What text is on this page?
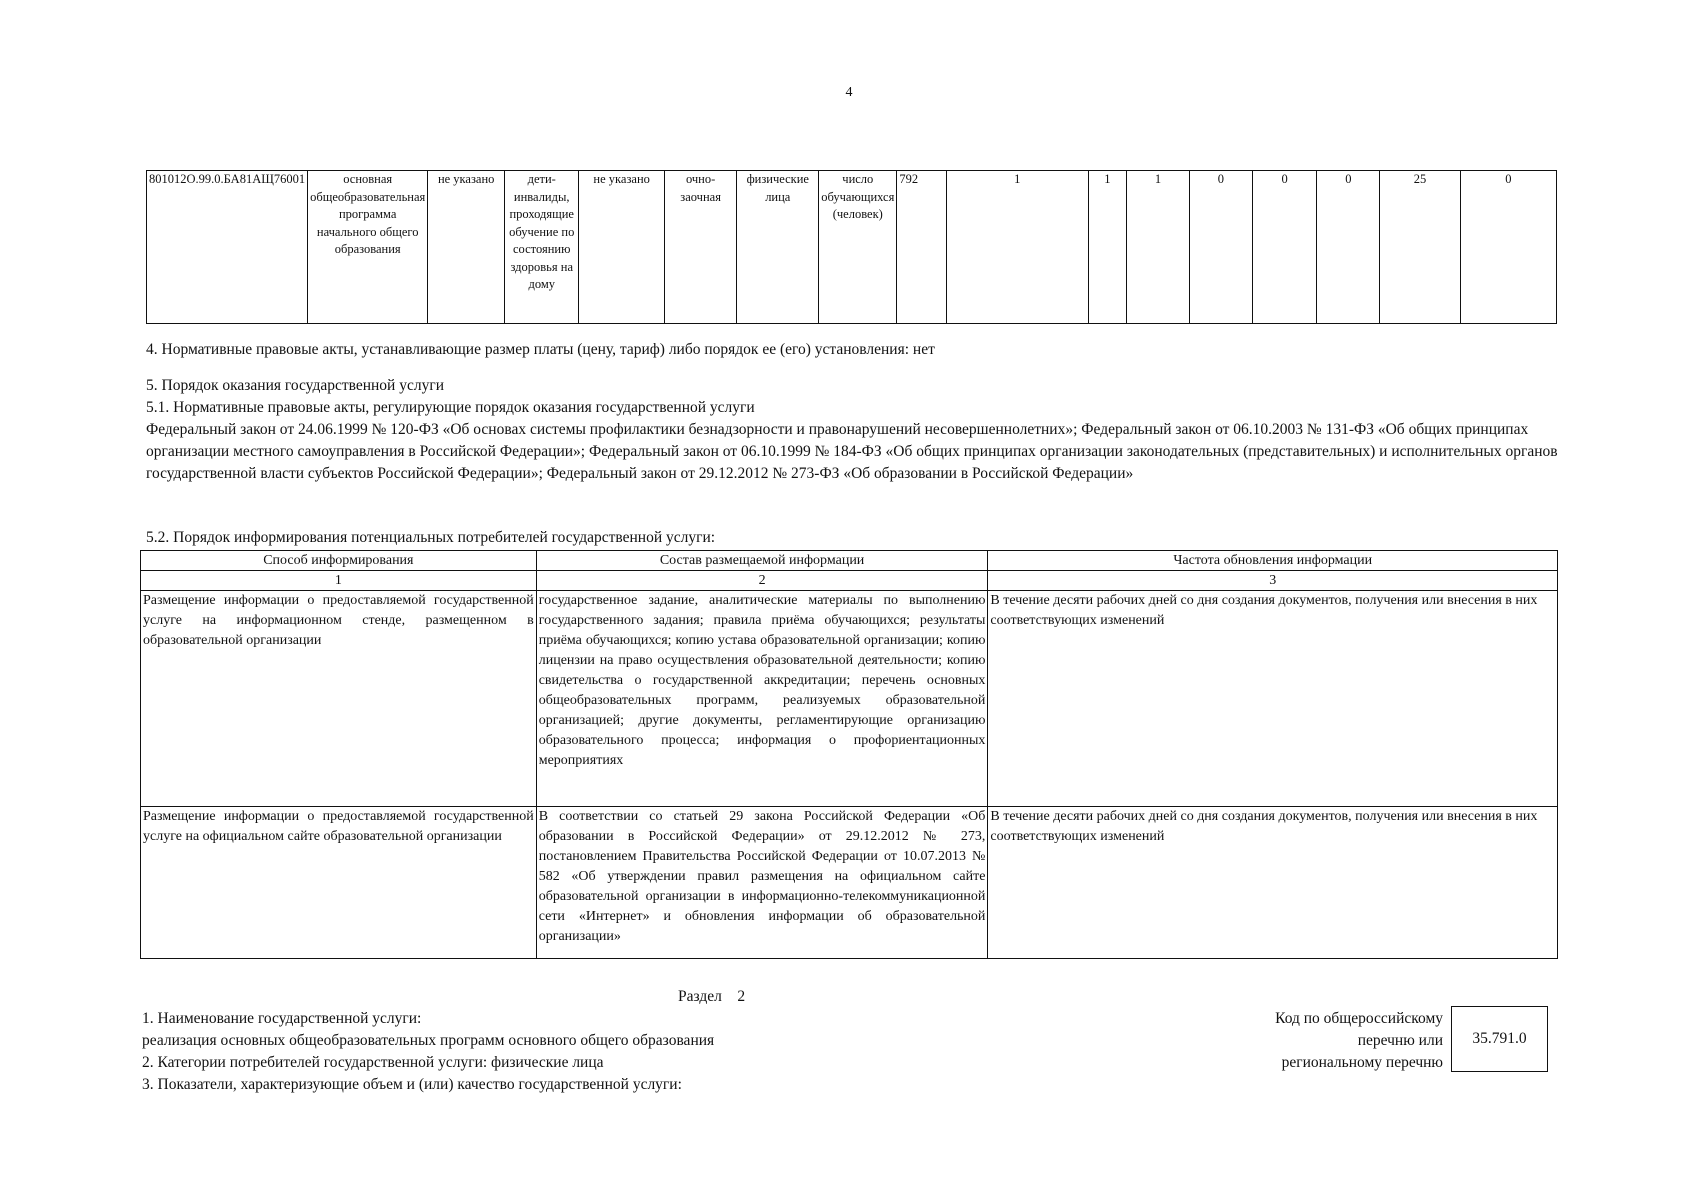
4
801012О.99.0.БА81АЩ76001	основная общеобразовательная программа начального общего образования	не указано	дети-инвалиды, проходящие обучение по состоянию здоровья на дому	не указано	очно-заочная	физические лица	число обучающихся (человек)	792	1	1	1	0	0	0	25	0
4. Нормативные правовые акты, устанавливающие размер платы (цену, тариф) либо порядок ее (его) установления: нет
5. Порядок оказания государственной услуги
5.1. Нормативные правовые акты, регулирующие порядок оказания государственной услуги
Федеральный закон от 24.06.1999 № 120-ФЗ «Об основах системы профилактики безнадзорности и правонарушений несовершеннолетних»; Федеральный закон от 06.10.2003 № 131-ФЗ «Об общих принципах организации местного самоуправления в Российской Федерации»; Федеральный закон от 06.10.1999 № 184-ФЗ «Об общих принципах организации законодательных (представительных) и исполнительных органов государственной власти субъектов Российской Федерации»; Федеральный закон от 29.12.2012 № 273-ФЗ «Об образовании в Российской Федерации»
5.2. Порядок информирования потенциальных потребителей государственной услуги:
Способ информирования	Состав размещаемой информации	Частота обновления информации
1	2	3
Размещение информации о предоставляемой государственной услуге на информационном стенде, размещенном в образовательной организации	государственное задание, аналитические материалы по выполнению государственного задания; правила приёма обучающихся; результаты приёма обучающихся; копию устава образовательной организации; копию лицензии на право осуществления образовательной деятельности; копию свидетельства о государственной аккредитации; перечень основных общеобразовательных программ, реализуемых образовательной организацией; другие документы, регламентирующие организацию образовательного процесса; информация о профориентационных мероприятиях	В течение десяти рабочих дней со дня создания документов, получения или внесения в них соответствующих изменений
Размещение информации о предоставляемой государственной услуге на официальном сайте образовательной организации	В соответствии со статьей 29 закона Российской Федерации «Об образовании в Российской Федерации» от 29.12.2012 № 273, постановлением Правительства Российской Федерации от 10.07.2013 № 582 «Об утверждении правил размещения на официальном сайте образовательной организации в информационно-телекоммуникационной сети «Интернет» и обновления информации об образовательной организации»	В течение десяти рабочих дней со дня создания документов, получения или внесения в них соответствующих изменений
Раздел 2
1. Наименование государственной услуги:
реализация основных общеобразовательных программ основного общего образования
2. Категории потребителей государственной услуги: физические лица
3. Показатели, характеризующие объем и (или) качество государственной услуги:
Код по общероссийскому
перечню или
региональному перечню
35.791.0
